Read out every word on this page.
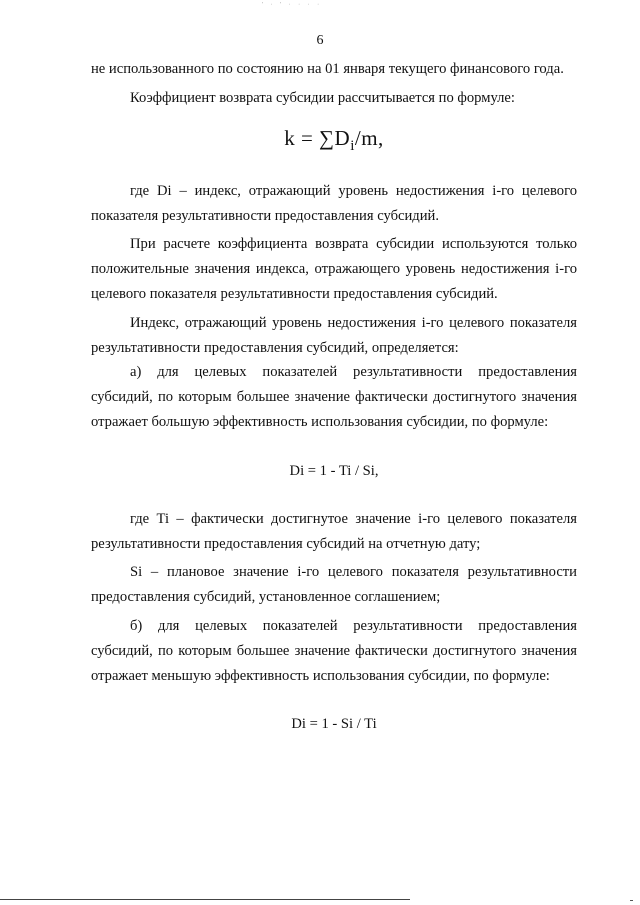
' · ' · · · ·
6

не использованного по состоянию на 01 января текущего финансового года.

Коэффициент возврата субсидии рассчитывается по формуле:

$k = \sum D_i/m$,

где Di – индекс, отражающий уровень недостижения i-го целевого показателя результативности предоставления субсидий.

При расчете коэффициента возврата субсидии используются только положительные значения индекса, отражающего уровень недостижения i-го целевого показателя результативности предоставления субсидий.

Индекс, отражающий уровень недостижения i-го целевого показателя результативности предоставления субсидий, определяется:

а) для целевых показателей результативности предоставления субсидий, по которым большее значение фактически достигнутого значения отражает большую эффективность использования субсидии, по формуле:

Di = 1 - Ti / Si,

где Ti – фактически достигнутое значение i-го целевого показателя результативности предоставления субсидий на отчетную дату;

Si – плановое значение i-го целевого показателя результативности предоставления субсидий, установленное соглашением;

б) для целевых показателей результативности предоставления субсидий, по которым большее значение фактически достигнутого значения отражает меньшую эффективность использования субсидии, по формуле:

Di = 1 - Si / Ti
